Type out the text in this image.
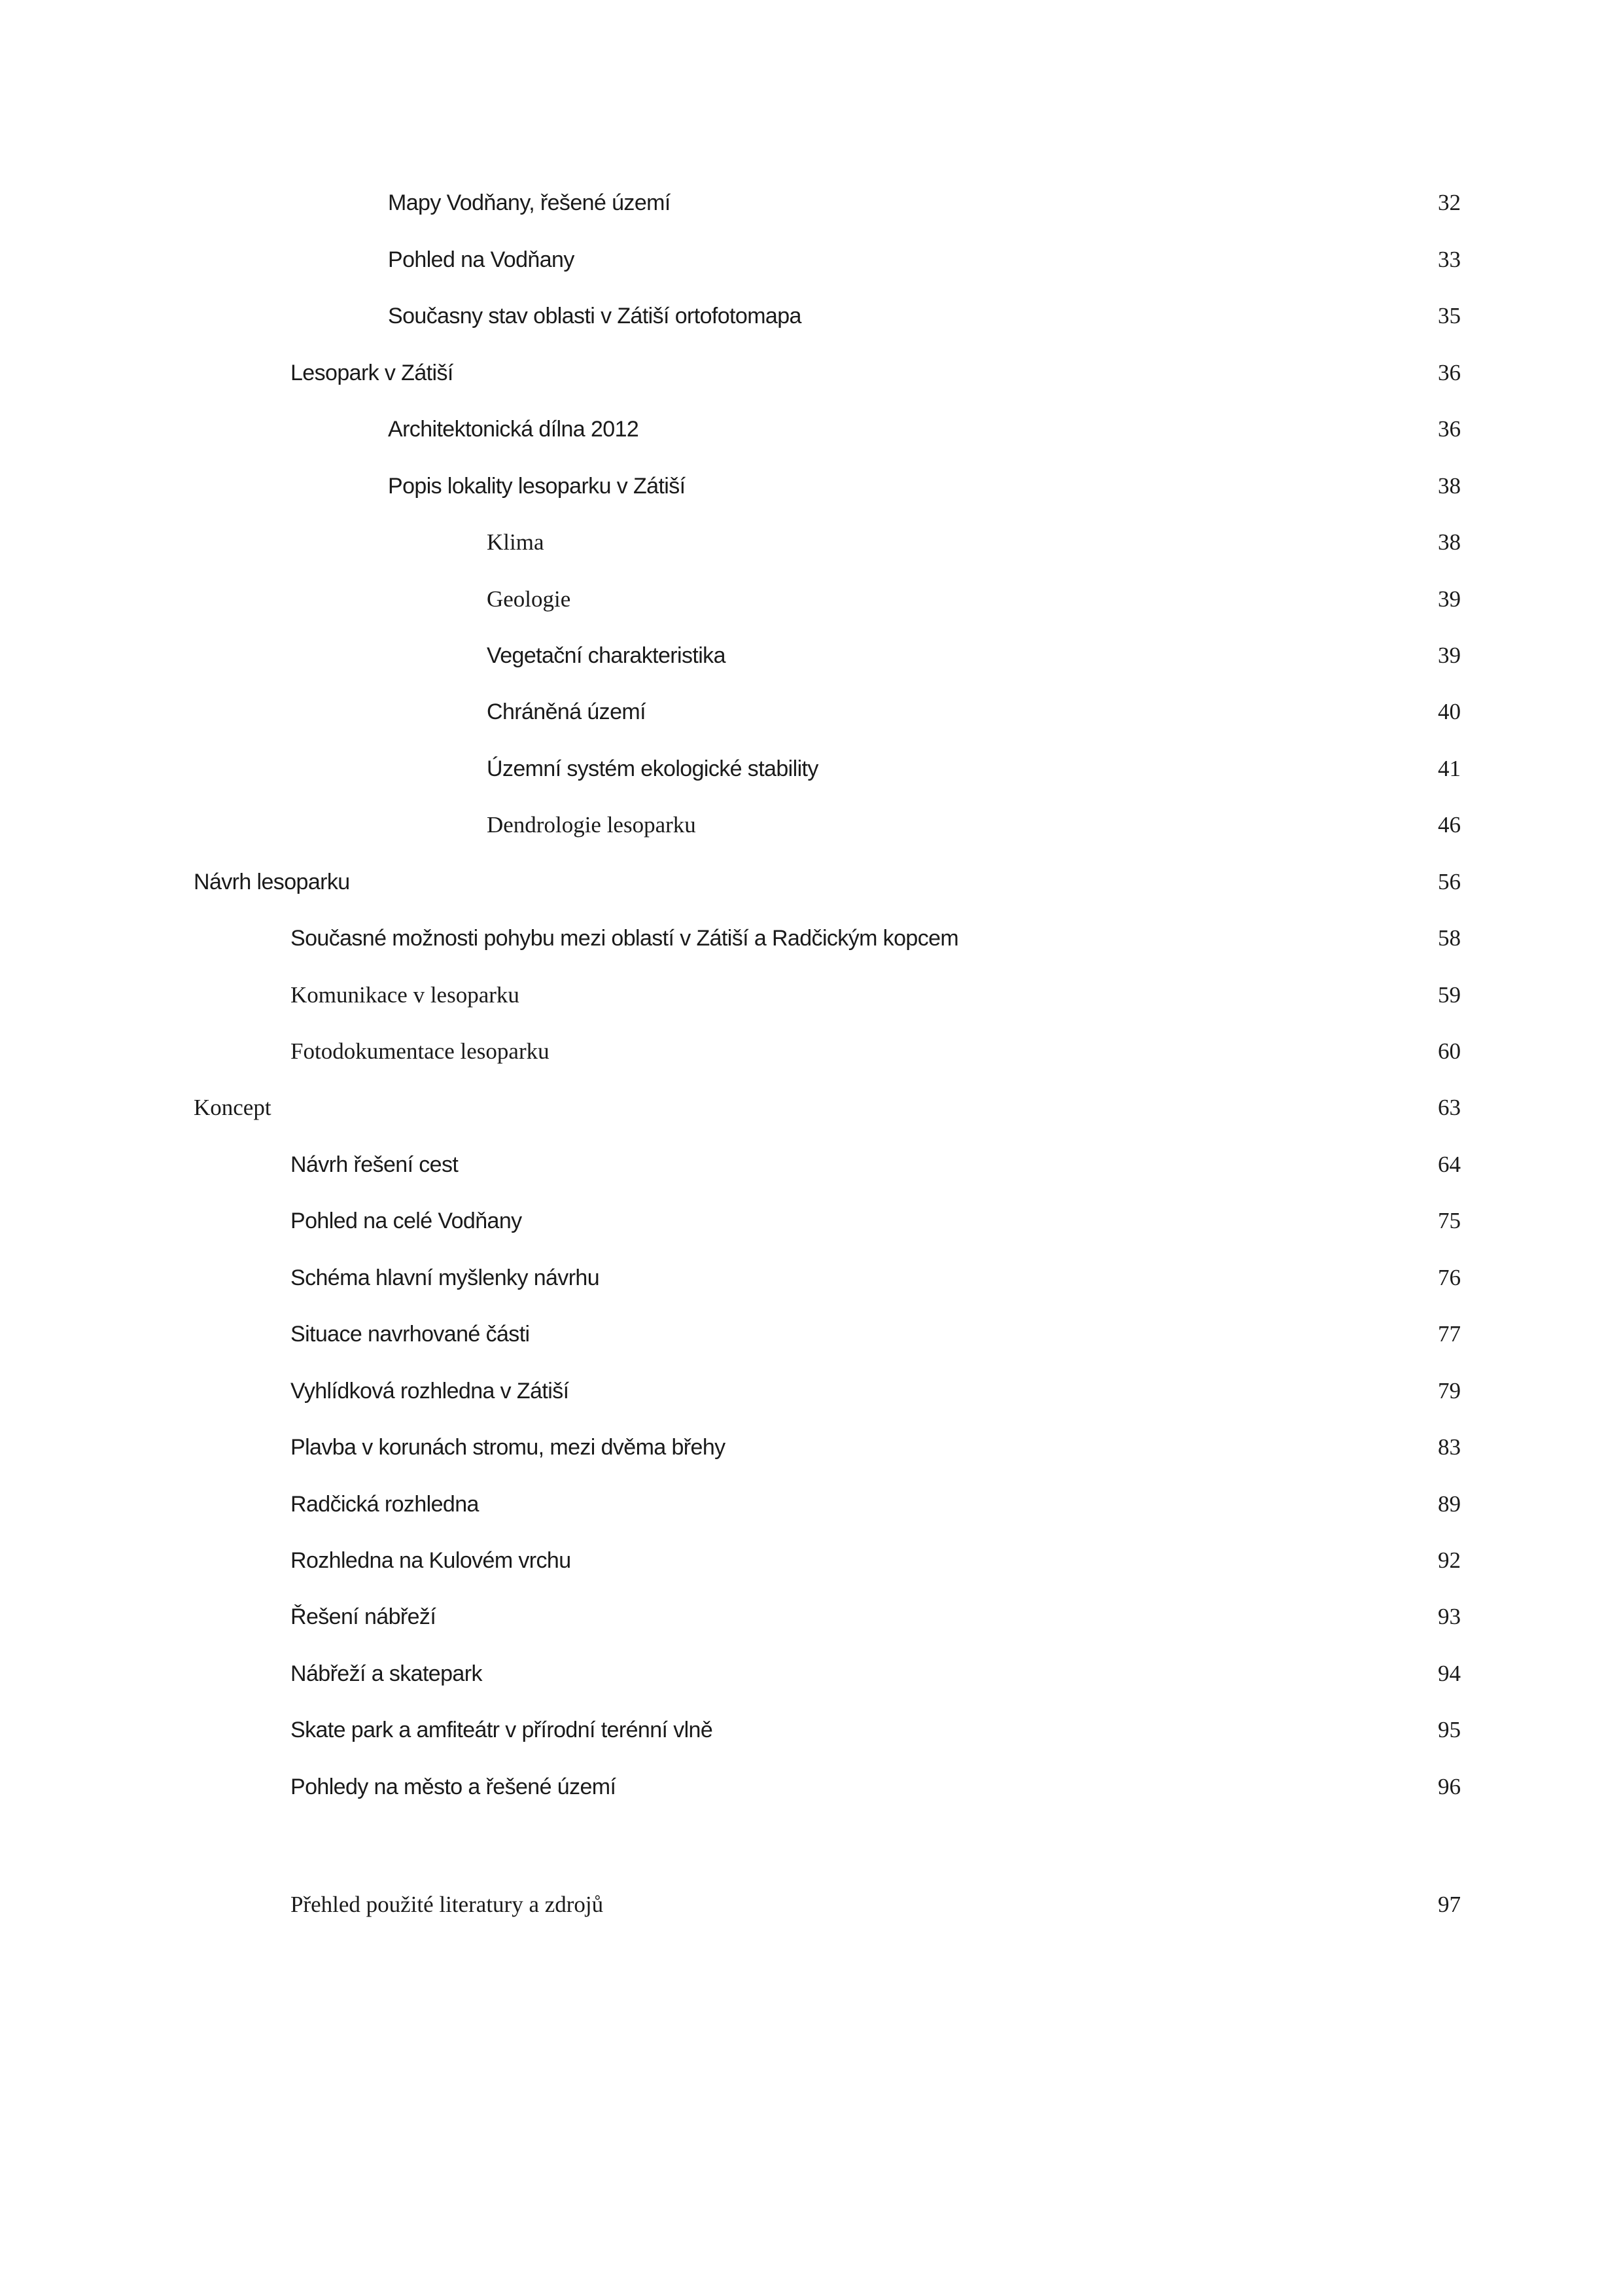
Mapy Vodňany, řešené území	32
Pohled na Vodňany	33
Současny stav oblasti v Zátiší ortofotomapa	35
Lesopark v Zátiší	36
Architektonická dílna 2012	36
Popis lokality lesoparku v Zátiší	38
Klima	38
Geologie	39
Vegetační charakteristika	39
Chráněná území	40
Územní systém ekologické stability	41
Dendrologie lesoparku	46
Návrh lesoparku	56
Současné možnosti pohybu mezi oblastí v Zátiší a Radčickým kopcem	58
Komunikace v lesoparku	59
Fotodokumentace lesoparku	60
Koncept	63
Návrh řešení cest	64
Pohled na celé Vodňany	75
Schéma hlavní myšlenky návrhu	76
Situace navrhované části	77
Vyhlídková rozhledna v Zátiší	79
Plavba v korunách stromu, mezi dvěma břehy	83
Radčická rozhledna	89
Rozhledna na Kulovém vrchu	92
Řešení nábřeží	93
Nábřeží a skatepark	94
Skate park a amfiteátr v přírodní terénní vlně	95
Pohledy na město a řešené území	96
Přehled použité literatury a zdrojů	97
